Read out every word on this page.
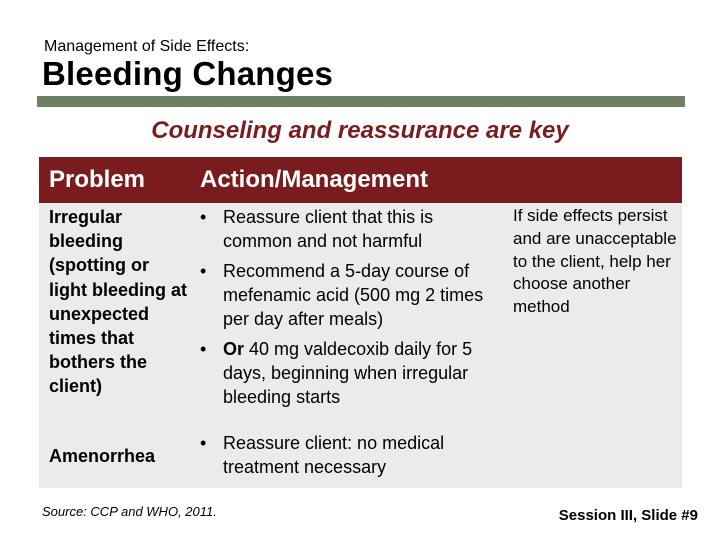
Management of Side Effects:
Bleeding Changes
Counseling and reassurance are key
Problem Action/Management
Irregular bleeding (spotting or light bleeding at unexpected times that bothers the client)
• Reassure client that this is common and not harmful
• Recommend a 5-day course of mefenamic acid (500 mg 2 times per day after meals)
• Or 40 mg valdecoxib daily for 5 days, beginning when irregular bleeding starts
If side effects persist and are unacceptable to the client, help her choose another method
Amenorrhea
• Reassure client: no medical treatment necessary
Source: CCP and WHO, 2011.	Session III, Slide #9
